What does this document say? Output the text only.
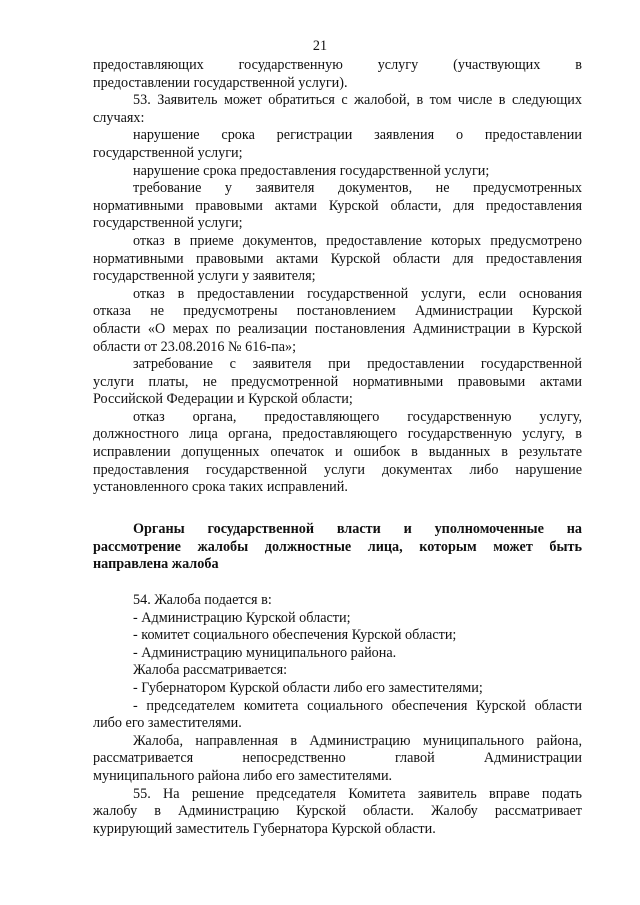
21
предоставляющих государственную услугу (участвующих в
предоставлении государственной услуги).
53. Заявитель может обратиться с жалобой, в том числе в следующих
случаях:
нарушение срока регистрации заявления о предоставлении
государственной услуги;
нарушение срока предоставления государственной услуги;
требование у заявителя документов, не предусмотренных
нормативными правовыми актами Курской области, для предоставления
государственной услуги;
отказ в приеме документов, предоставление которых предусмотрено
нормативными правовыми актами Курской области для предоставления
государственной услуги у заявителя;
отказ в предоставлении государственной услуги, если основания
отказа не предусмотрены постановлением Администрации Курской
области «О мерах по реализации постановления Администрации в Курской
области от 23.08.2016 № 616-па»;
затребование с заявителя при предоставлении государственной
услуги платы, не предусмотренной нормативными правовыми актами
Российской Федерации и Курской области;
отказ органа, предоставляющего государственную услугу,
должностного лица органа, предоставляющего государственную услугу, в
исправлении допущенных опечаток и ошибок в выданных в результате
предоставления государственной услуги документах либо нарушение
установленного срока таких исправлений.
Органы государственной власти и уполномоченные на
рассмотрение жалобы должностные лица, которым может быть
направлена жалоба
54. Жалоба подается в:
- Администрацию Курской области;
- комитет социального обеспечения Курской области;
- Администрацию муниципального района.
Жалоба рассматривается:
- Губернатором Курской области либо его заместителями;
- председателем комитета социального обеспечения Курской области
либо его заместителями.
Жалоба, направленная в Администрацию муниципального района,
рассматривается непосредственно главой Администрации
муниципального района либо его заместителями.
55. На решение председателя Комитета заявитель вправе подать
жалобу в Администрацию Курской области. Жалобу рассматривает
курирующий заместитель Губернатора Курской области.
